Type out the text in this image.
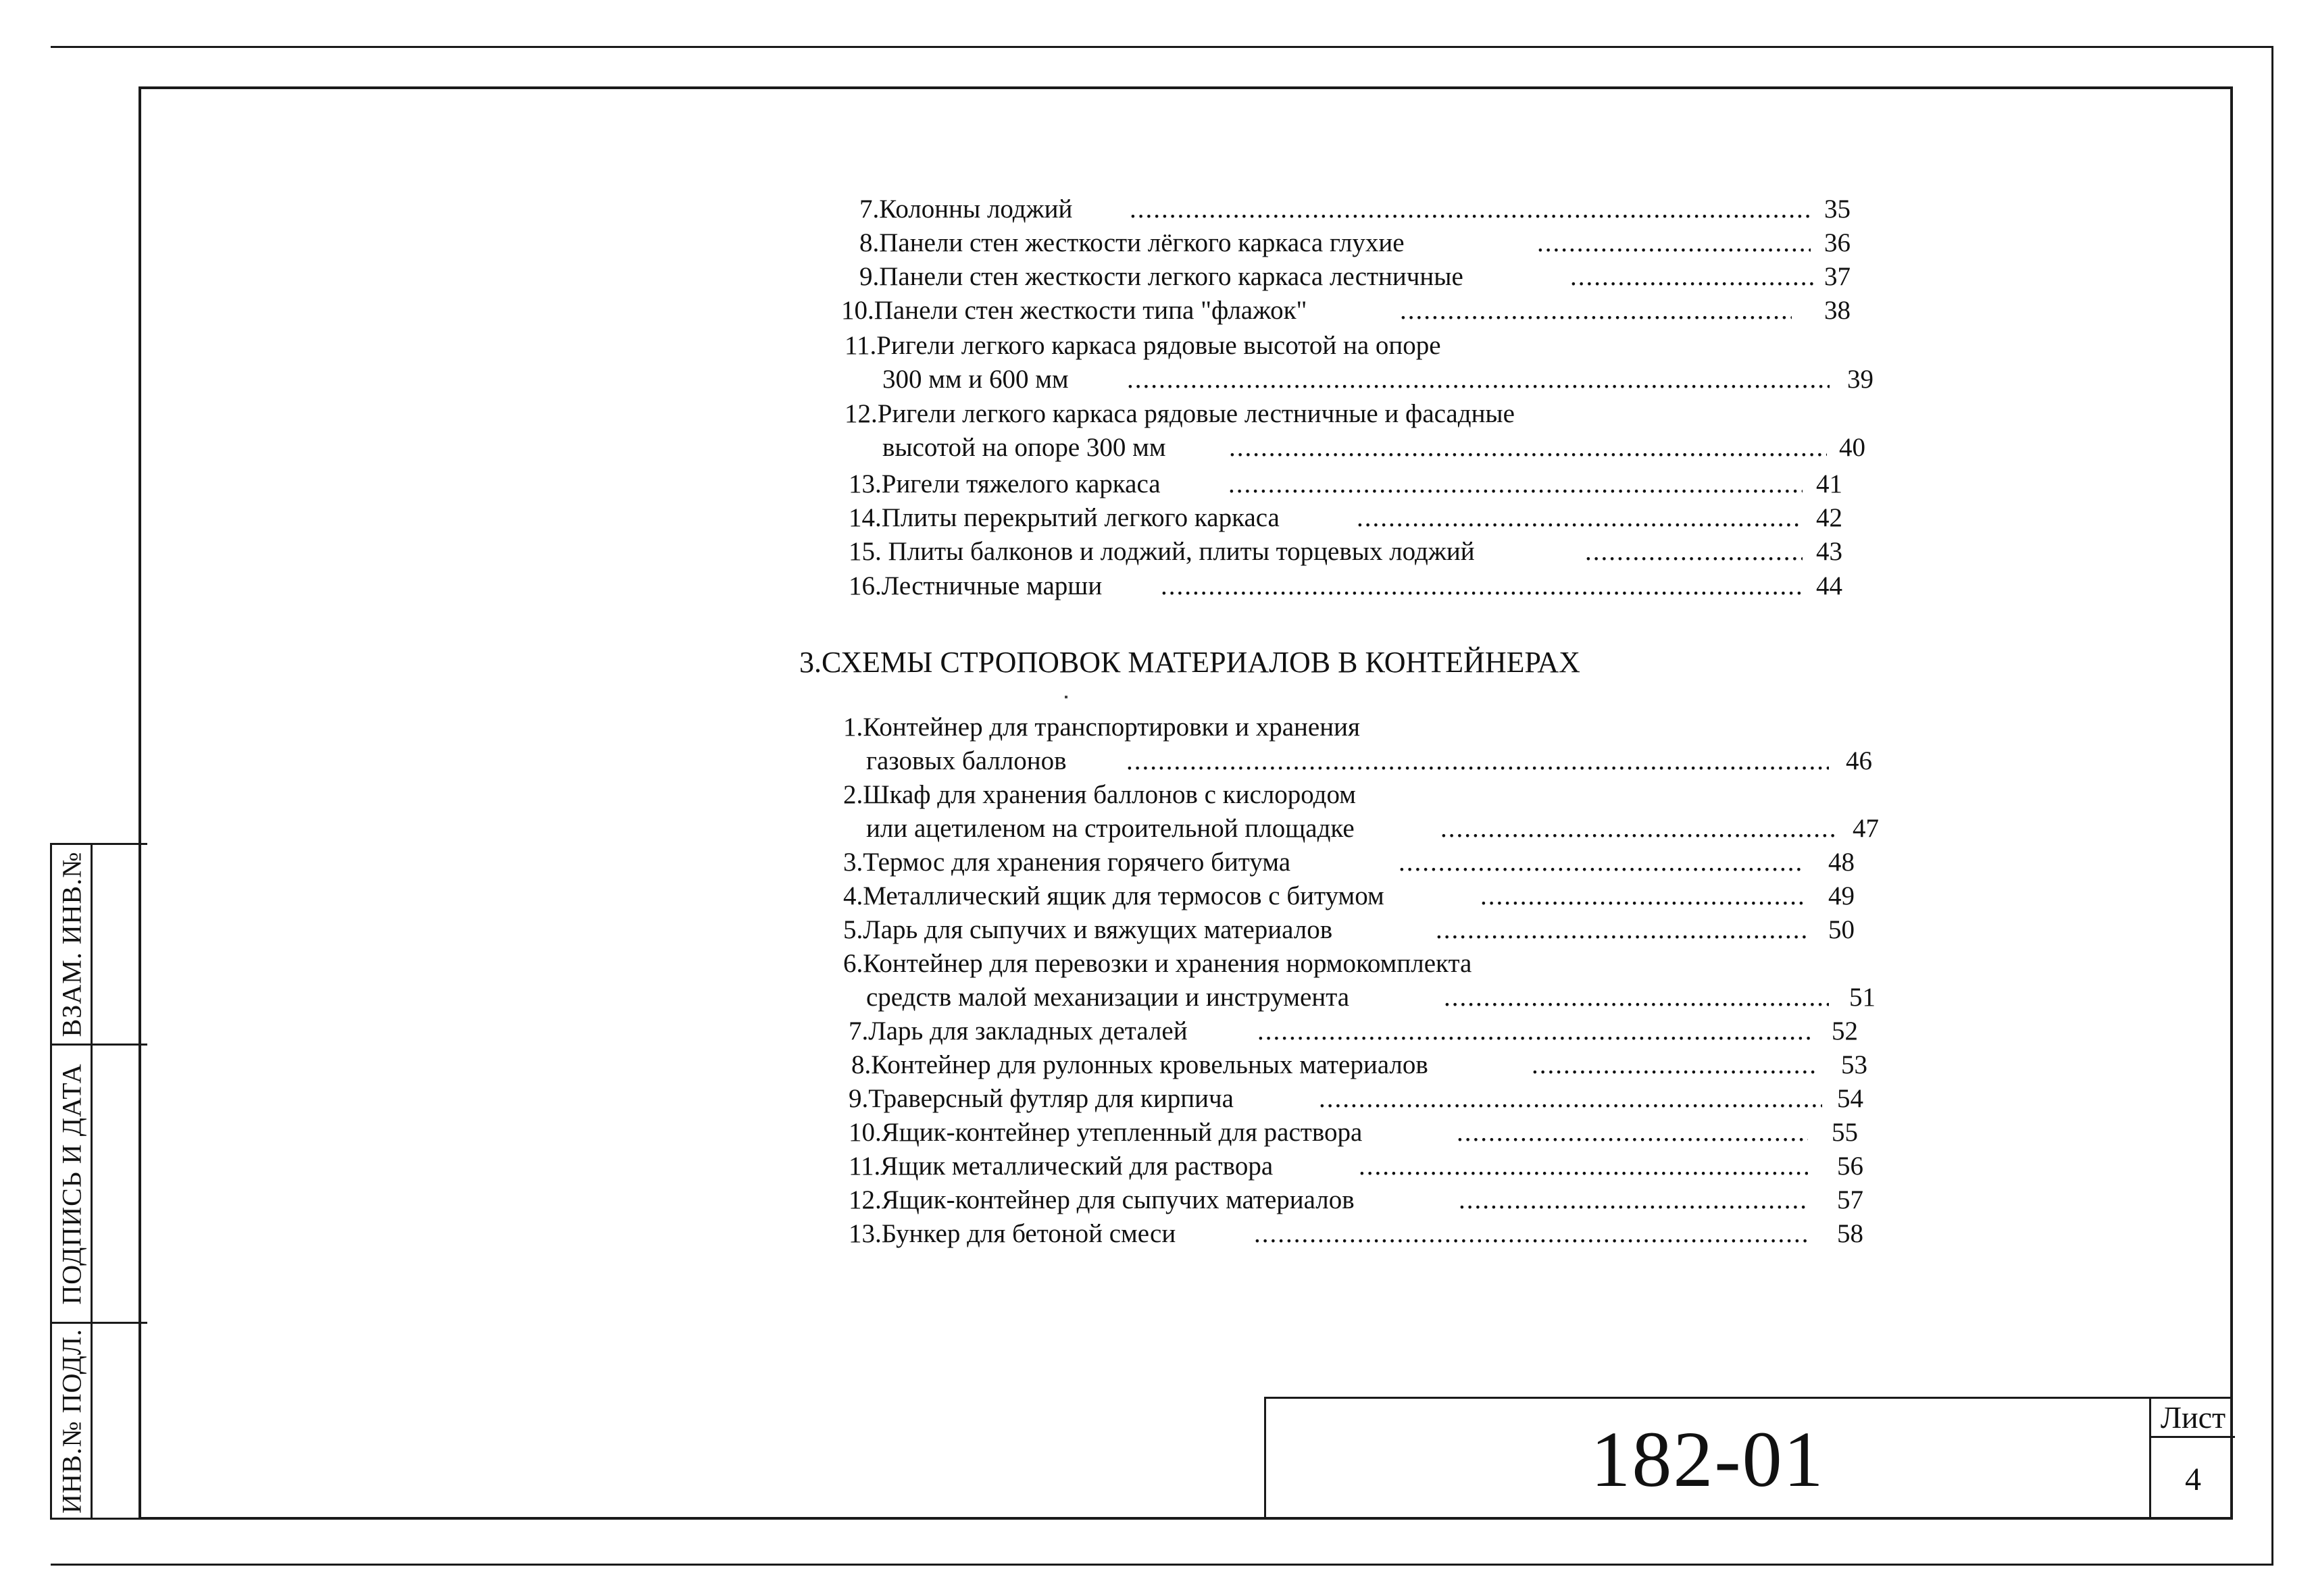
ВЗАМ. ИНВ.№
ПОДПИСЬ И ДАТА
ИНВ.№ ПОДЛ.
7.Колонны лоджий .....	35
8.Панели стен жесткости лёгкого каркаса глухие .....	36
9.Панели стен жесткости легкого каркаса лестничные .....	37
10.Панели стен жесткости типа "флажок" .....	38
11.Ригели легкого каркаса рядовые высотой на опоре
300 мм и 600 мм .....	39
12.Ригели легкого каркаса рядовые лестничные и фасадные
высотой на опоре 300 мм .....	40
13.Ригели тяжелого каркаса .....	41
14.Плиты перекрытий легкого каркаса .....	42
15. Плиты балконов и лоджий, плиты торцевых лоджий .....	43
16.Лестничные марши .....	44
3.СХЕМЫ СТРОПОВОК МАТЕРИАЛОВ В КОНТЕЙНЕРАХ
1.Контейнер для транспортировки и хранения
газовых баллонов .....	46
2.Шкаф для хранения баллонов с кислородом
или ацетиленом на строительной площадке .....	47
3.Термос для хранения горячего битума .....	48
4.Металлический ящик для термосов с битумом .....	49
5.Ларь для сыпучих и вяжущих материалов .....	50
6.Контейнер для перевозки и хранения нормокомплекта
средств малой механизации и инструмента .....	51
7.Ларь для закладных деталей .....	52
8.Контейнер для рулонных кровельных материалов .....	53
9.Траверсный футляр для кирпича .....	54
10.Ящик-контейнер утепленный для раствора .....	55
11.Ящик металлический для раствора .....	56
12.Ящик-контейнер для сыпучих материалов .....	57
13.Бункер для бетоной смеси .....	58
182-01	Лист
4
